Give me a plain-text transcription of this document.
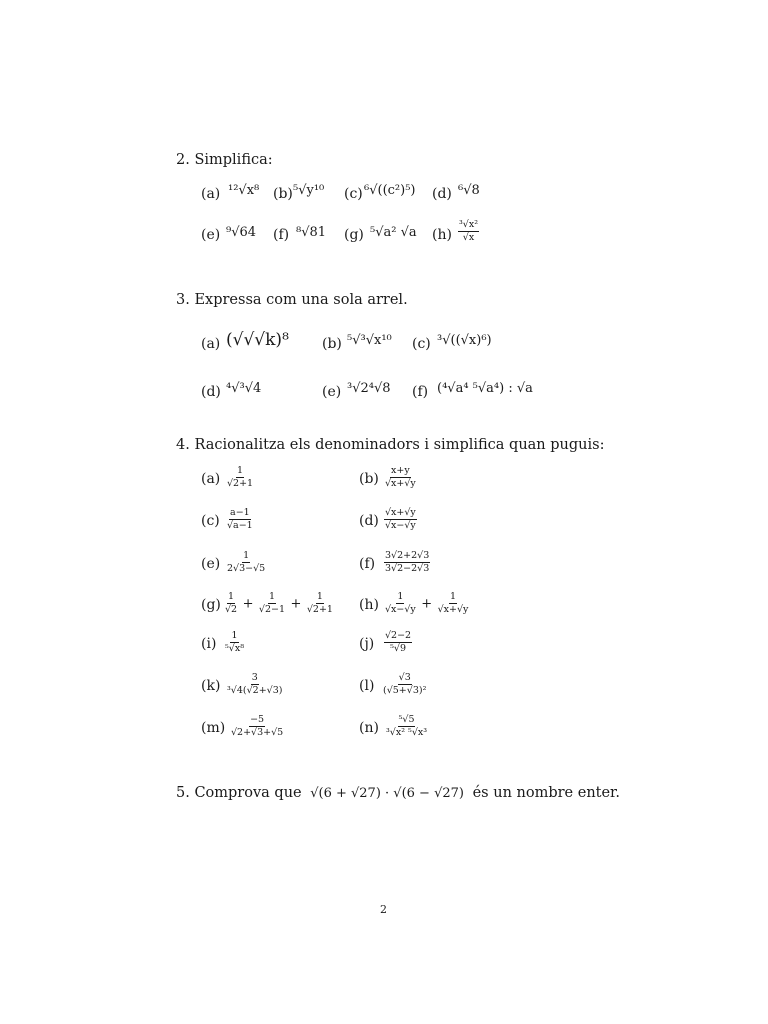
2. Simplifica:
(a) ¹²√x⁸ (b) ⁵√y¹⁰ (c) ⁶√((c²)⁵) (d) ⁶√8
(e) ⁹√64 (f) ⁸√81 (g) ⁵√a² √a $(h) \frac{\text{³√x²}}{√x}$
3. Expressa com una sola arrel.
(a) (√√√k)⁸ (b) ⁵√³√x¹⁰ (c) ³√((√x)⁶)
(d) ⁴√³√4	(e) ³√2⁴√8 (f) (⁴√a⁴ ⁵√a⁴) : √a
4. Racionalitza els denominadors i simplifica quan puguis:
$(a) \frac{1}{√2+1}$	$(b) \frac{x+y}{√x+√y}$
$(c) \frac{a-1}{√a-1}$	$(d) \frac{√x+√y}{√x-√y}$
$(e) \frac{1}{2√3-√5}$	$(f) \frac{3√2+2√3}{3√2-2√3}$
$(g) \frac{1}{√2} + \frac{1}{√2-1} + \frac{1}{√2+1} (h) \frac{1}{√x-√y} + \frac{1}{√x+√y}$
$(i) \frac{1}{\text{⁵√x⁸}}$	$(j) \frac{√2-2}{\text{⁵√9}}$
$(k) \frac{3}{\text{³√4(√2+√3)}}$	$(l) \frac{√3}{\text{(√5+√3)²}}$
$(m) \frac{-5}{√2+√3+√5}$	$(n) \frac{\text{⁵√5}}{\text{³√x² ⁵√x³}}$
5. Comprova que √(6 + √27) · √(6 − √27) és un nombre enter.
2
